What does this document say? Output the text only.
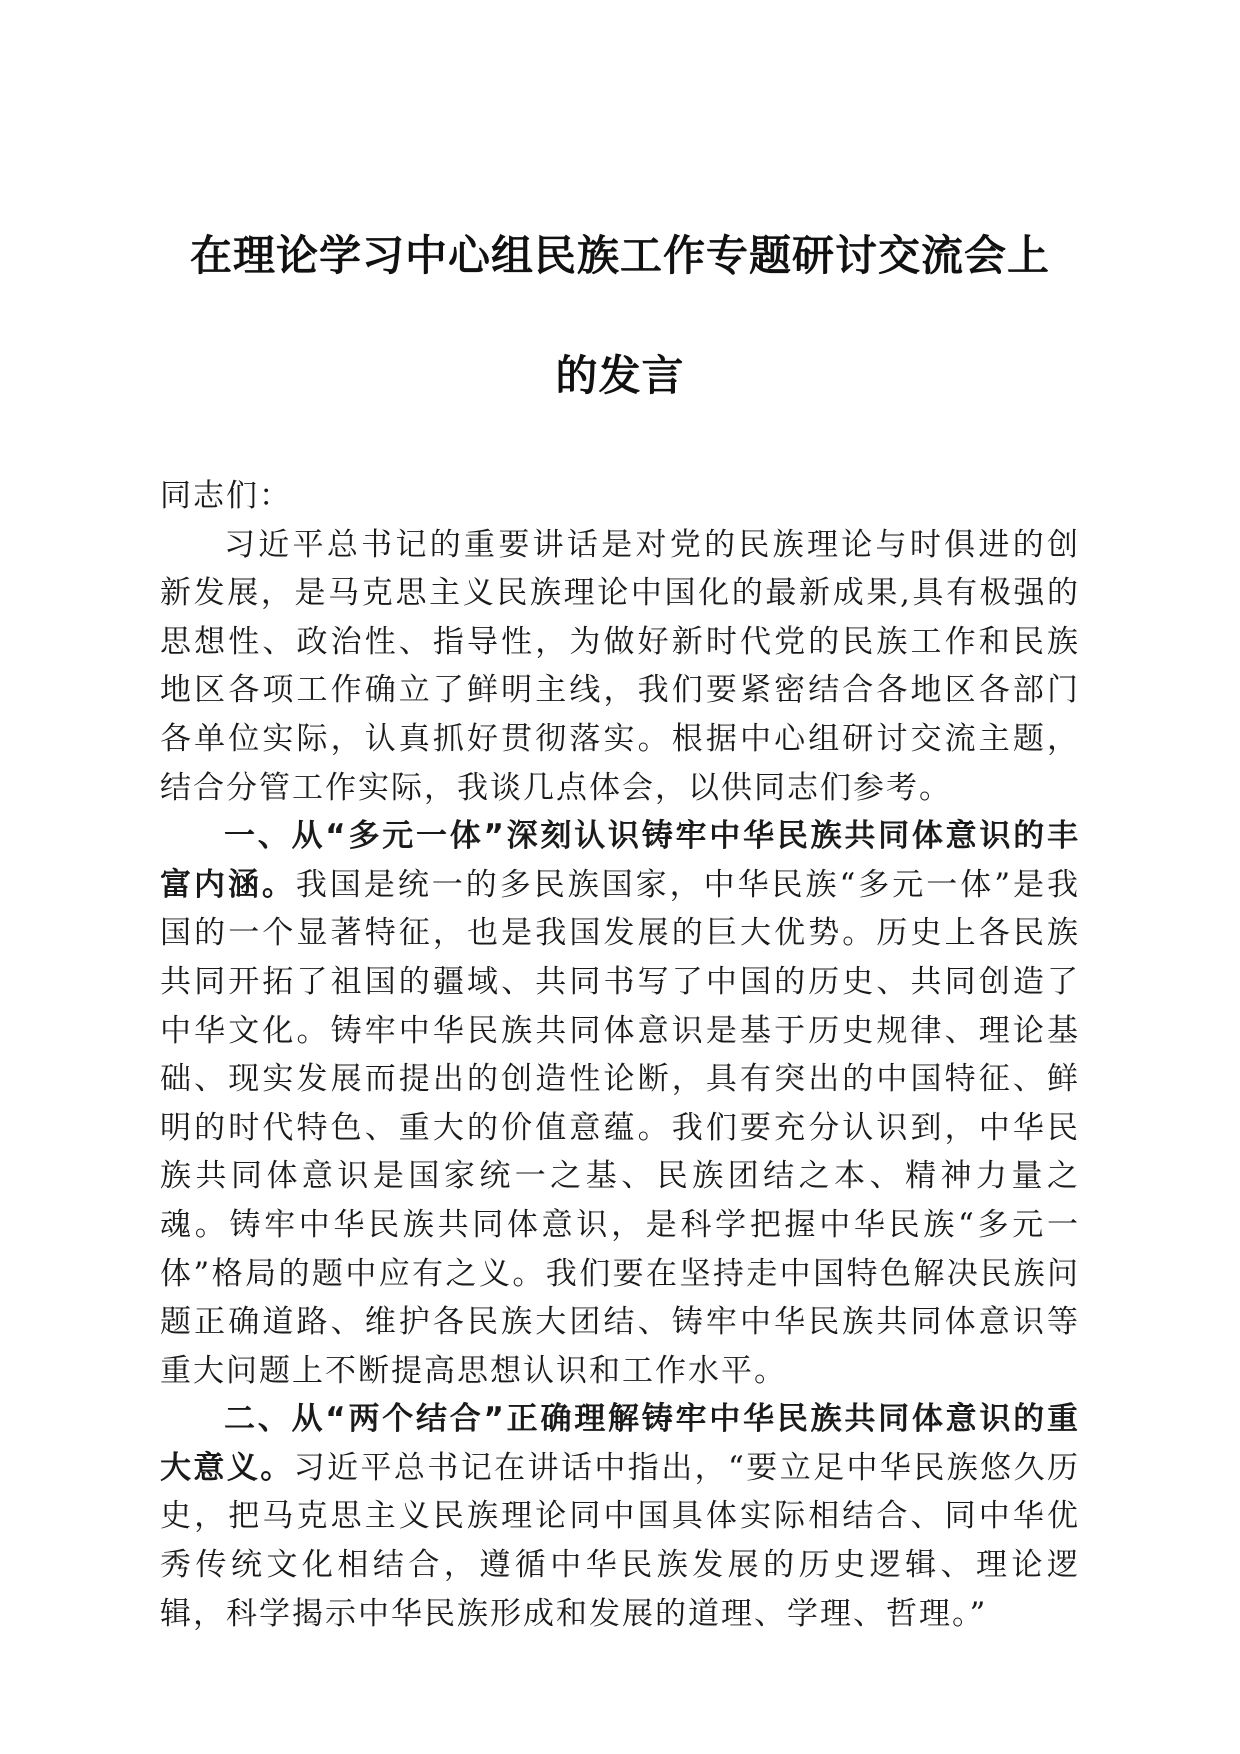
在理论学习中心组民族工作专题研讨交流会上
的发言

同志们：

习近平总书记的重要讲话是对党的民族理论与时俱进的创新发展，是马克思主义民族理论中国化的最新成果,具有极强的思想性、政治性、指导性，为做好新时代党的民族工作和民族地区各项工作确立了鲜明主线，我们要紧密结合各地区各部门各单位实际，认真抓好贯彻落实。根据中心组研讨交流主题，结合分管工作实际，我谈几点体会，以供同志们参考。

一、从“多元一体”深刻认识铸牢中华民族共同体意识的丰富内涵。我国是统一的多民族国家，中华民族“多元一体”是我国的一个显著特征，也是我国发展的巨大优势。历史上各民族共同开拓了祖国的疆域、共同书写了中国的历史、共同创造了中华文化。铸牢中华民族共同体意识是基于历史规律、理论基础、现实发展而提出的创造性论断，具有突出的中国特征、鲜明的时代特色、重大的价值意蕴。我们要充分认识到，中华民族共同体意识是国家统一之基、民族团结之本、精神力量之魂。铸牢中华民族共同体意识，是科学把握中华民族“多元一体”格局的题中应有之义。我们要在坚持走中国特色解决民族问题正确道路、维护各民族大团结、铸牢中华民族共同体意识等重大问题上不断提高思想认识和工作水平。

二、从“两个结合”正确理解铸牢中华民族共同体意识的重大意义。习近平总书记在讲话中指出，“要立足中华民族悠久历史，把马克思主义民族理论同中国具体实际相结合、同中华优秀传统文化相结合，遵循中华民族发展的历史逻辑、理论逻辑，科学揭示中华民族形成和发展的道理、学理、哲理。”
